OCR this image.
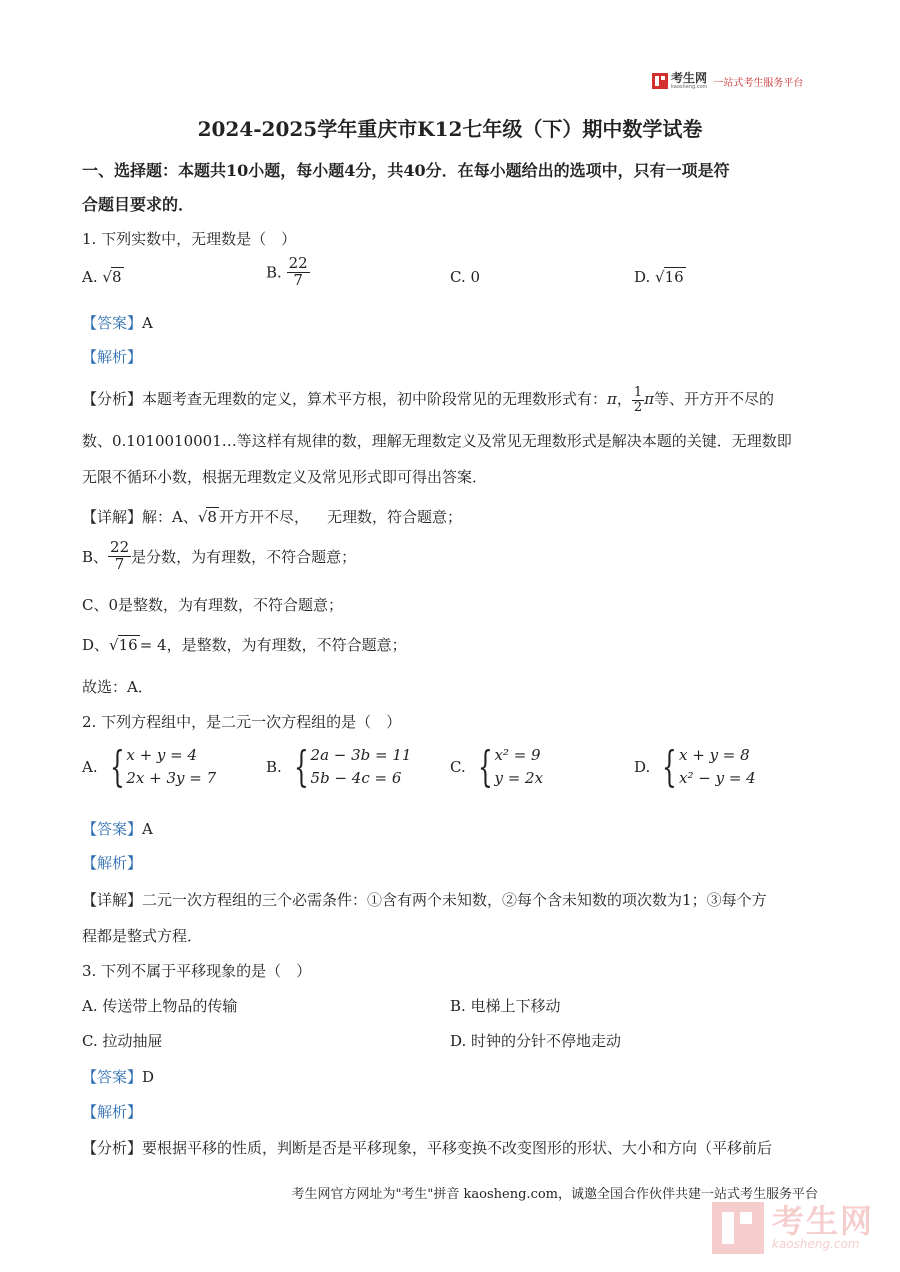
考生网
kaosheng.com 一站式考生服务平台
2024-2025学年重庆市K12七年级（下）期中数学试卷
一、选择题：本题共10小题，每小题4分，共40分．在每小题给出的选项中，只有一项是符
合题目要求的．
1. 下列实数中，无理数是（　）
A. √8	B. $\frac{22}{7}$	C. 0	D. √16
【答案】A
【解析】
【分析】本题考查无理数的定义，算术平方根，初中阶段常见的无理数形式有：π， $\frac{1}{2}$ π等、开方开不尽的
数、0.1010010001…等这样有规律的数，理解无理数定义及常见无理数形式是解决本题的关键．无理数即
无限不循环小数，根据无理数定义及常见形式即可得出答案．
【详解】解：A、√8 开方开不尽， 无理数，符合题意；
B、 $\frac{22}{7}$ 是分数，为有理数，不符合题意；
C、0是整数，为有理数，不符合题意；
D、√16 = 4，是整数，为有理数，不符合题意；
故选：A．
2. 下列方程组中，是二元一次方程组的是（　）
A. { x + y = 4
2x + 3y = 7
B. { 2a − 3b = 11
5b − 4c = 6
C. { x² = 9
y = 2x
D. { x + y = 8
x² − y = 4
【答案】A
【解析】
【详解】二元一次方程组的三个必需条件：①含有两个未知数，②每个含未知数的项次数为1；③每个方
程都是整式方程．
3. 下列不属于平移现象的是（　）
A. 传送带上物品的传输	B. 电梯上下移动
C. 拉动抽屉	D. 时钟的分针不停地走动
【答案】D
【解析】
【分析】要根据平移的性质，判断是否是平移现象，平移变换不改变图形的形状、大小和方向（平移前后
考生网官方网址为"考生"拼音 kaosheng.com，诚邀全国合作伙伴共建一站式考生服务平台
考生网
kaosheng.com
